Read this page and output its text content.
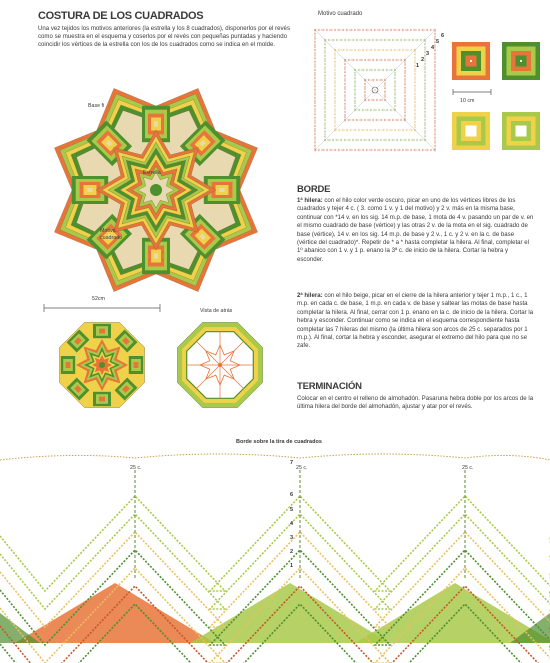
COSTURA DE LOS CUADRADOS
Una vez tejidos los motivos anteriores (la estrella y los 8 cuadrados), disponerlos por el revés como se muestra en el esquema y coserlos por el revés con pequeñas puntadas y haciendo coincidir los vértices de la estrella con los de los cuadrados como se indica en el molde.
Motivo cuadrado
Base fi
Estrella
Motivo cuadrado
52cm
Vista de atrás
6
5
4
3
2
1
10 cm
BORDE
1ª hilera: con el hilo color verde oscuro, picar en uno de los vértices libres de los cuadrados y tejer 4 c. ( 3. como 1 v. y 1 del motivo) y 2 v. más en la misma base, continuar con *14 v. en los sig. 14 m.p. de base, 1 mota de 4 v. pasando un par de v. en el mismo cuadrado de base (vértice) y las otras 2 v. de la mota en el sig. cuadrado de base (vértice), 14 v. en los sig. 14 m.p. de base y 2 v., 1 c. y 2 v. en la c. de base (vértice del cuadrado)*. Repetir de * a * hasta completar la hilera. Al final, completar el 1º abanico con 1 v. y 1 p. enano la 3ª c. de inicio de la hilera. Cortar la hebra y esconder.
2ª hilera: con el hilo beige, picar en el cierre de la hilera anterior y tejer 1 m.p., 1 c., 1 m.p. en cada c. de base, 1 m.p. en cada v. de base y saltear las motas de base hasta completar la hilera. Al final, cerrar con 1 p. enano en la c. de inicio de la hilera. Cortar la hebra y esconder. Continuar como se indica en el esquema correspondiente hasta completar las 7 hileras del mismo (la última hilera son arcos de 25 c. separados por 1 m.p.). Al final, cortar la hebra y esconder, asegurar el extremo del hilo para que no se zafe.
TERMINACIÓN
Colocar en el centro el relleno de almohadón. Pasaruna hebra doble por los arcos de la última hilera del borde del almohadón, ajustar y atar por el revés.
Borde sobre la tira de cuadrados
25 c.	25 c.	25 c.
7
6
5
4
3
2
1
